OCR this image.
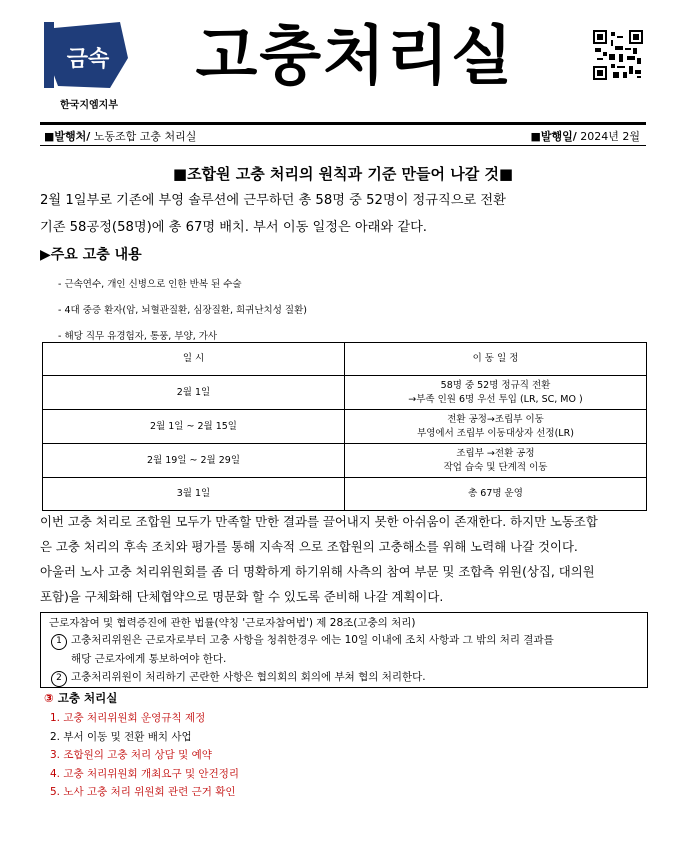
금속
한국지엠지부
고충처리실
■발행처/ 노동조합 고충 처리실	■발행일/ 2024년 2월
■조합원 고충 처리의 원칙과 기준 만들어 나갈 것■
2월 1일부로 기존에 부영 솔루션에 근무하던 총 58명 중 52명이 정규직으로 전환
기존 58공정(58명)에 총 67명 배치. 부서 이동 일정은 아래와 같다.
▶주요 고충 내용
- 근속연수, 개인 신병으로 인한 반복 된 수술
- 4대 중증 환자(암, 뇌혈관질환, 심장질환, 희귀난치성 질환)
- 해당 직무 유경험자, 통풍, 부양, 가사
일 시	이 동 일 정
2월 1일	58명 중 52명 정규직 전환
→부족 인원 6명 우선 투입 (LR, SC, MO )

2월 1일 ~ 2월 15일	전환 공정→조립부 이동
부영에서 조립부 이동대상자 선정(LR)

2월 19일 ~ 2월 29일	조립부 →전환 공정
작업 습숙 및 단계적 이동

3월 1일	총 67명 운영
이번 고충 처리로 조합원 모두가 만족할 만한 결과를 끌어내지 못한 아쉬움이 존재한다. 하지만 노동조합
은 고충 처리의 후속 조치와 평가를 통해 지속적 으로 조합원의 고충해소를 위해 노력해 나갈 것이다.
아울러 노사 고충 처리위원회를 좀 더 명확하게 하기위해 사측의 참여 부문 및 조합측 위원(상집, 대의원
포함)을 구체화해 단체협약으로 명문화 할 수 있도록 준비해 나갈 계획이다.
근로자참여 및 협력증진에 관한 법률(약칭 '근로자참여법') 제 28조(고충의 처리)
1 고충처리위원은 근로자로부터 고충 사항을 청취한경우 에는 10일 이내에 조치 사항과 그 밖의 처리 결과를
해당 근로자에게 통보하여야 한다.
2 고충처리위원이 처리하기 곤란한 사항은 협의회의 회의에 부쳐 협의 처리한다.
③ 고충 처리실
1. 고충 처리위원회 운영규칙 제정
2. 부서 이동 및 전환 배치 사업
3. 조합원의 고충 처리 상담 및 예약
4. 고충 처리위원회 개최요구 및 안건정리
5. 노사 고충 처리 위원회 관련 근거 확인
